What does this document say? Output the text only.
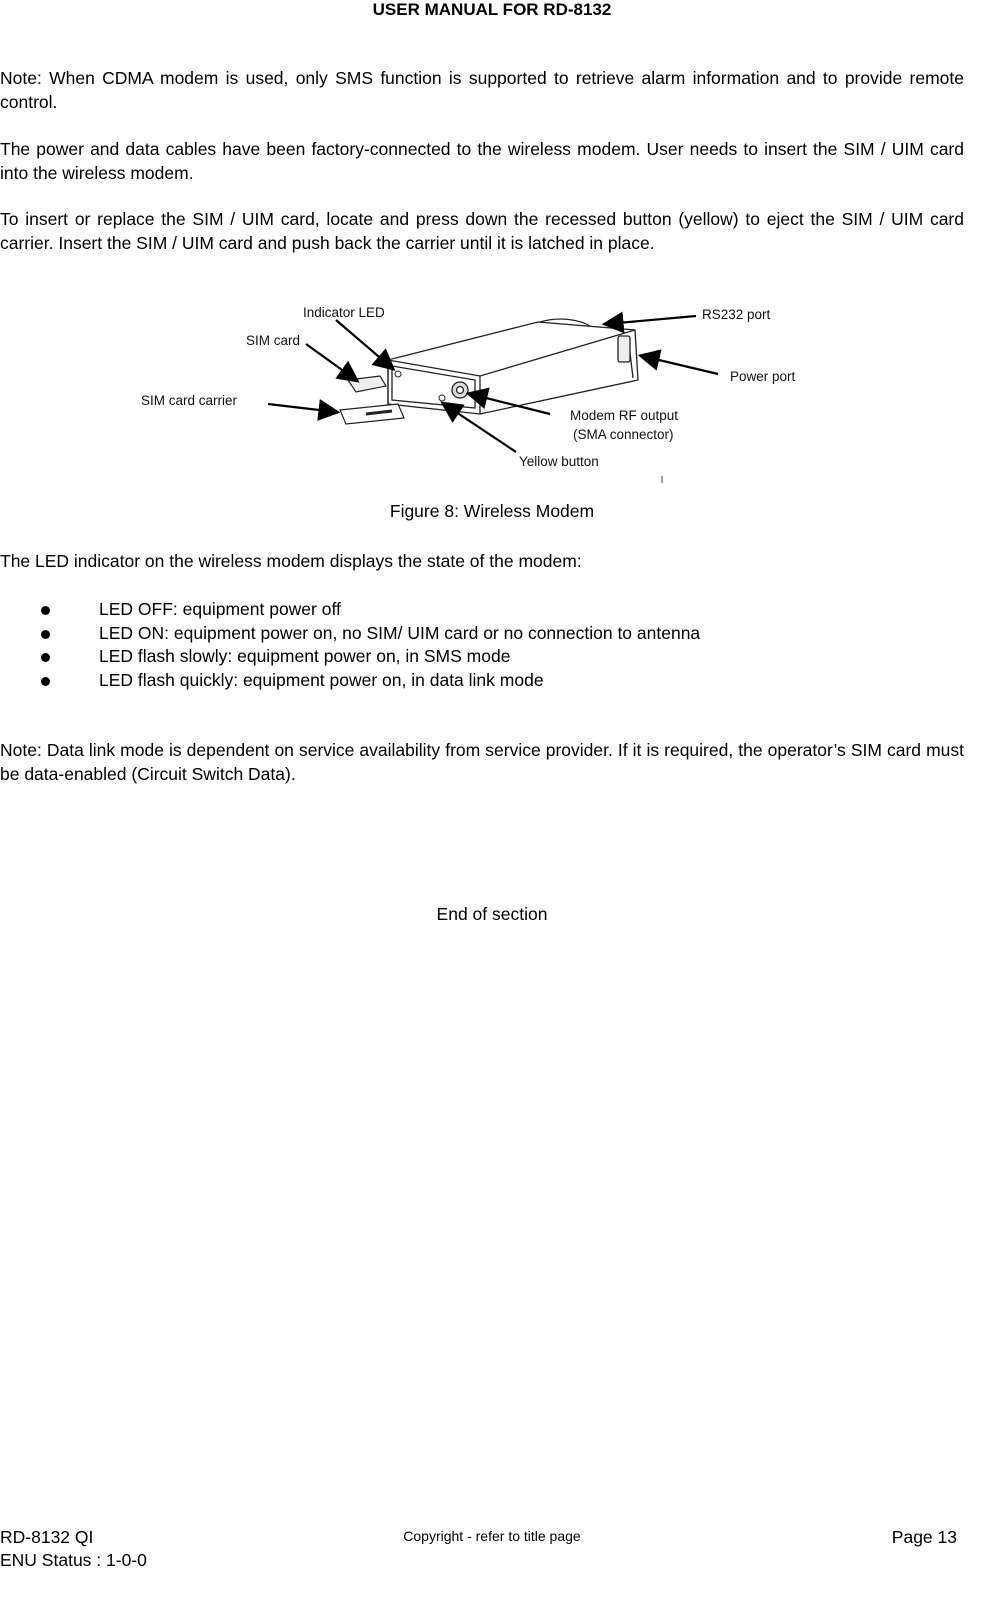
USER MANUAL FOR RD-8132

Note: When CDMA modem is used, only SMS function is supported to retrieve alarm information and to provide remote control.

The power and data cables have been factory-connected to the wireless modem. User needs to insert the SIM / UIM card into the wireless modem.

To insert or replace the SIM / UIM card, locate and press down the recessed button (yellow) to eject the SIM / UIM card carrier. Insert the SIM / UIM card and push back the carrier until it is latched in place.

Indicator LED
SIM card
SIM card carrier
RS232 port
Power port
Modem RF output
(SMA connector)
Yellow button
Figure 8: Wireless Modem

The LED indicator on the wireless modem displays the state of the modem:

LED OFF: equipment power off
LED ON: equipment power on, no SIM/ UIM card or no connection to antenna
LED flash slowly: equipment power on, in SMS mode
LED flash quickly: equipment power on, in data link mode

Note: Data link mode is dependent on service availability from service provider. If it is required, the operator’s SIM card must be data-enabled (Circuit Switch Data).

End of section
RD-8132 QI
ENU Status : 1-0-0
Copyright - refer to title page	Page 13
